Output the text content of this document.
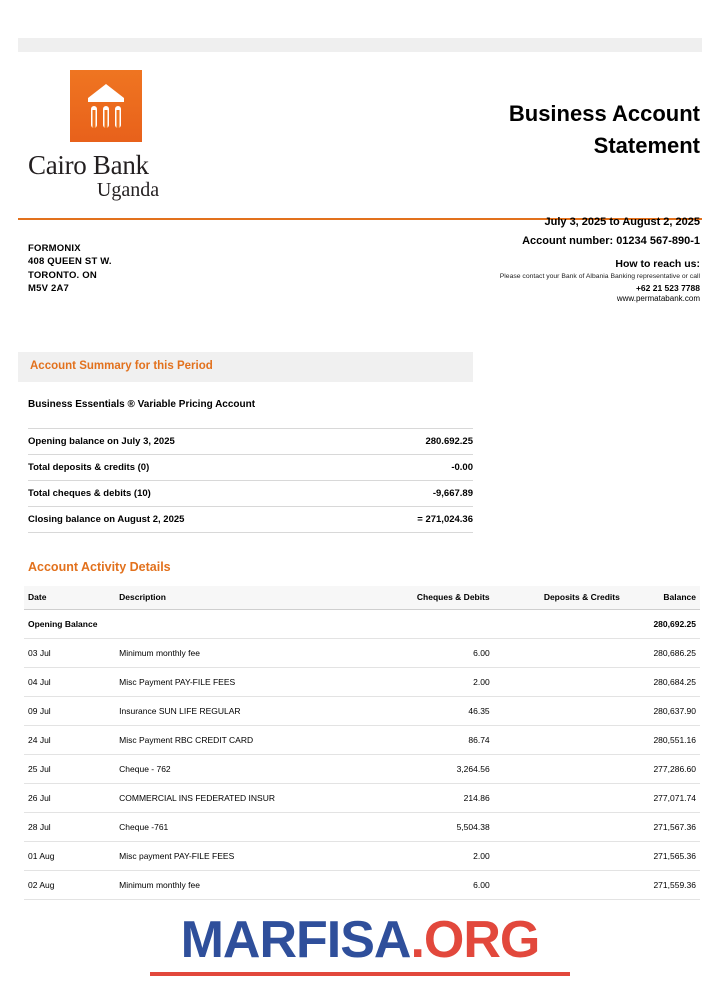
Cairo Bank
Uganda
Business Account
Statement
FORMONIX
408 QUEEN ST W.
TORONTO. ON
M5V 2A7
July 3, 2025 to August 2, 2025
Account number: 01234 567-890-1
How to reach us:
Please contact your Bank of Albania Banking representative or call
+62 21 523 7788
www.permatabank.com
Account Summary for this Period
Business Essentials ® Variable Pricing Account
Opening balance on July 3, 2025	280.692.25
Total deposits & credits (0)	-0.00
Total cheques & debits (10)	-9,667.89
Closing balance on August 2, 2025	= 271,024.36
Account Activity Details
Date	Description	Cheques & Debits	Deposits & Credits	Balance
Opening Balance				280,692.25
03 Jul	Minimum monthly fee	6.00		280,686.25
04 Jul	Misc Payment PAY-FILE FEES	2.00		280,684.25
09 Jul	Insurance SUN LIFE REGULAR	46.35		280,637.90
24 Jul	Misc Payment RBC CREDIT CARD	86.74		280,551.16
25 Jul	Cheque - 762	3,264.56		277,286.60
26 Jul	COMMERCIAL INS FEDERATED INSUR	214.86		277,071.74
28 Jul	Cheque -761	5,504.38		271,567.36
01 Aug	Misc payment PAY-FILE FEES	2.00		271,565.36
02 Aug	Minimum monthly fee	6.00		271,559.36
MARFISA.ORG
